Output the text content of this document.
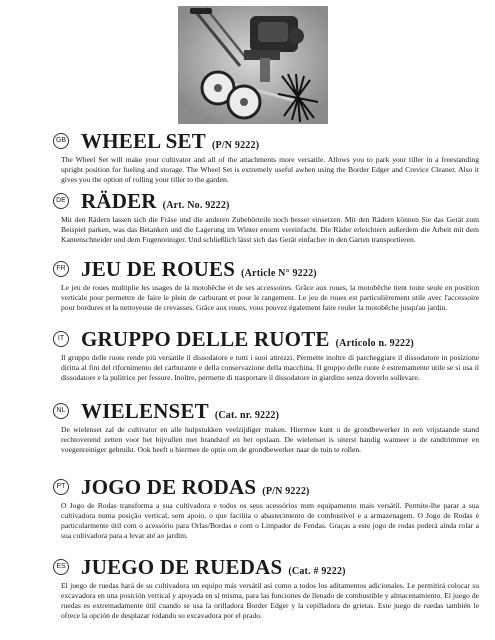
GB WHEEL SET (P/N 9222)

The Wheel Set will make your cultivator and all of the attachments more versatile. Allows you to park your tiller in a freestanding upright position for fueling and storage. The Wheel Set is extremely useful awhen using the Border Edger and Crevice Cleaner. Also it gives you the option of rolling your tiller to the garden.

DE RÄDER (Art. No. 9222)

Mit den Rädern lassen sich die Fräse und die anderen Zubehörteile noch besser einsetzen. Mit den Rädern können Sie das Gerät zum Beispiel parken, was das Betanken und die Lagerung im Winter enorm vereinfacht. Die Räder erleichtern außerdem die Arbeit mit dem Kantenschneider und dem Fugenreiniger. Und schließlich lässt sich das Gerät einfacher in den Garten transportieren.

FR JEU DE ROUES (Article N° 9222)

Le jeu de roues multiplie les usages de la motobêche et de ses accessoires. Grâce aux roues, la motobêche tient toute seule en position verticale pour permettre de faire le plein de carburant et pour le rangement. Le jeu de roues est particulièrement utile avec l'accessoire pour bordures et la nettoyeuse de crevasses. Grâce aux roues, vous pouvez également faire rouler la motobêche jusqu'au jardin.

IT GRUPPO DELLE RUOTE (Articolo n. 9222)

Il gruppo delle ruote rende più versatile il dissodatore e tutti i suoi attrezzi. Permette inoltre di parcheggiare il dissodatore in posizione diritta al fini del rifornimento del carburante e della conservazione della macchina. Il gruppo delle ruote è estremamente utile se si usa il dissodatore e la pulitrice per fessure. Inoltre, permette di trasportare il dissodatore in giardino senza doverlo sollevare.

NL WIELENSET (Cat. nr. 9222)

De wielenset zal de cultivator en alle hulpstukken veelzijdiger maken. Hiermee kunt u de grondbewerker in een vrijstaande stand rechtoverend zetten voor het bijvullen met brandstof en het opslaan. De wielenset is uiterst handig wanneer u de randtrimmer en voegenreiniger gebruikt. Ook heeft u hiermee de optie om de grondbewerker naar de tuin te rollen.

PT JOGO DE RODAS (P/N 9222)

O Jogo de Rodas transforma a sua cultivadora e todos os seus acessórios num equipamento mais versátil. Permite-lhe parar a sua cultivadora numa posição vertical, sem apoio, o que facilita o abastecimento de combustível e a armazenagem. O Jogo de Rodas é particularmente útil com o acessório para Orlas/Bordas e com o Limpador de Fendas. Graças a este jogo de rodas poderá ainda rolar a sua cultivadora para a levar até ao jardim.

ES JUEGO DE RUEDAS (Cat. # 9222)

El juego de ruedas hará de su cultivadora un equipo más versátil así como a todos los aditamentos adicionales. Le permitirá colocar su excavadora en una posición vertical y apoyada en sí misma, para las funciones de llenado de combustible y almacenamiento. El juego de ruedas es extremadamente útil cuando se usa la orilladora Border Edger y la cepilladora de grietas. Este juego de ruedas también le ofrece la opción de desplazar rodando su excavadora por el prado.
